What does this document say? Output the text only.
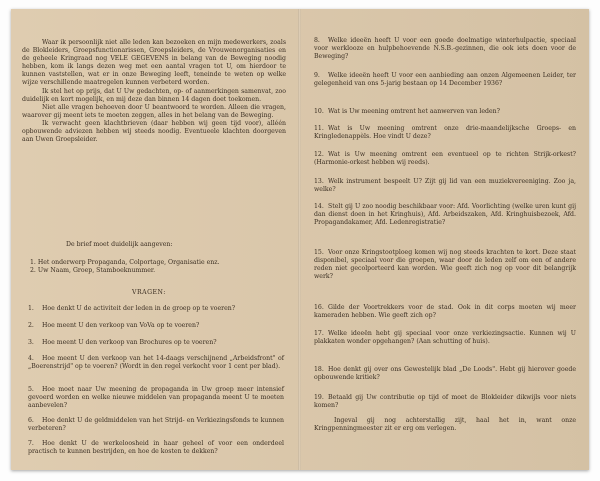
Waar ik persoonlijk niet alle leden kan bezoeken en mijn medewerkers, zoals de Blokleiders, Groepsfunctionarissen, Groepsleiders, de Vrouwenorganisaties en de geheele Kringraad nog VELE GEGEVENS in belang van de Beweging noodig hebben, kom ik langs dezen weg met een aantal vragen tot U, om hierdoor te kunnen vaststellen, wat er in onze Beweging leeft, teneinde te weten op welke wijze verschillende maatregelen kunnen verbeterd worden.

Ik stel het op prijs, dat U Uw gedachten, op- of aanmerkingen samenvat, zoo duidelijk en kort mogelijk, en mij deze dan binnen 14 dagen doet toekomen.

Niet alle vragen behoeven door U beantwoord te worden. Alleen die vragen, waarover gij meent iets te moeten zeggen, alles in het belang van de Beweging.

Ik verwacht geen klachtbrieven (daar hebben wij geen tijd voor), alléén opbouwende adviezen hebben wij steeds noodig. Eventueele klachten doorgeven aan Uwen Groepsleider.

De brief moet duidelijk aangeven:
1. Het onderwerp Propaganda, Colportage, Organisatie enz.
2. Uw Naam, Groep, Stamboeknummer.
VRAGEN:
1. Hoe denkt U de activiteit der leden in de groep op te voeren?
2. Hoe meent U den verkoop van VoVa op te voeren?
3. Hoe meent U den verkoop van Brochures op te voeren?
4. Hoe meent U den verkoop van het 14-daags verschijnend „Arbeidsfront" of „Boerenstrijd" op te voeren? (Wordt in den regel verkocht voor 1 cent per blad).
5. Hoe moet naar Uw meening de propaganda in Uw groep meer intensief gevoerd worden en welke nieuwe middelen van propaganda meent U te moeten aanbevelen?
6. Hoe denkt U de geldmiddelen van het Strijd- en Verkiezingsfonds te kunnen verbeteren?
7. Hoe denkt U de werkeloosheid in haar geheel of voor een onderdeel practisch te kunnen bestrijden, en hoe de kosten te dekken?
8. Welke ideeën heeft U voor een goede doelmatige winterhulpactie, speciaal voor werklooze en hulpbehoevende N.S.B.-gezinnen, die ook iets doen voor de Beweging?
9. Welke ideeën heeft U voor een aanbieding aan onzen Algemeenen Leider, ter gelegenheid van ons 5-jarig bestaan op 14 December 1936?
10. Wat is Uw meening omtrent het aanwerven van leden?
11. Wat is Uw meening omtrent onze drie-maandelijksche Groeps- en Kringledenappèls. Hoe vindt U deze?
12. Wat is Uw meening omtrent een eventueel op te richten Strijk-orkest? (Harmonie-orkest hebben wij reeds).
13. Welk instrument bespeelt U? Zijt gij lid van een muziekvereeniging. Zoo ja, welke?
14. Stelt gij U zoo noodig beschikbaar voor: Afd. Voorlichting (welke uren kunt gij dan dienst doen in het Kringhuis), Afd. Arbeidszaken, Afd. Kringhuisbezoek, Afd. Propagandakamer, Afd. Ledenregistratie?
15. Voor onze Kringstootploeg komen wij nog steeds krachten te kort. Deze staat disponibel, speciaal voor die groepen, waar door de leden zelf om een of andere reden niet gecolporteerd kan worden. Wie geeft zich nog op voor dit belangrijk werk?
16. Gilde der Voortrekkers voor de stad. Ook in dit corps moeten wij meer kameraden hebben. Wie geeft zich op?
17. Welke ideeën hebt gij speciaal voor onze verkiezingsactie. Kunnen wij U plakkaten wonder opgehangen? (Aan schutting of huis).
18. Hoe denkt gij over ons Gewestelijk blad „De Loods". Hebt gij hierover goede opbouwende kritiek?
19. Betaald gij Uw contributie op tijd of moet de Blokleider dikwijls voor niets komen?
Ingeval gij nog achterstallig zijt, haal het in, want onze Kringpenningmeester zit er erg om verlegen.
